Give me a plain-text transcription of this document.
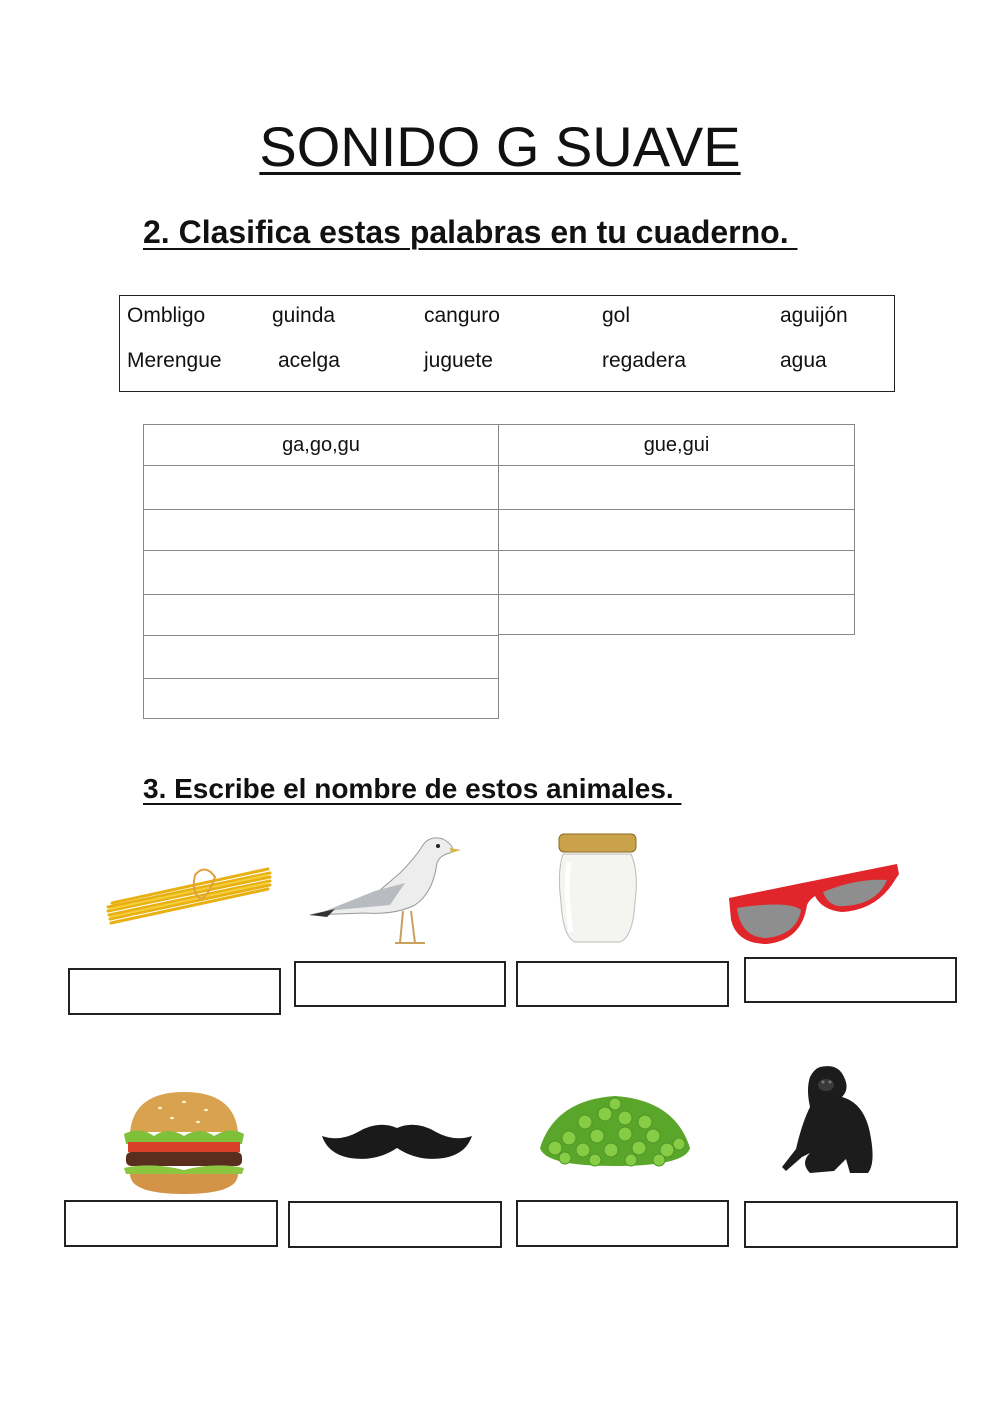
SONIDO G SUAVE
2. Clasifica estas palabras en tu cuaderno.
Ombligo	guinda	canguro	gol	aguijón
Merengue	acelga	juguete	regadera	agua
ga,go,gu	gue,gui
3. Escribe el nombre de estos animales.
